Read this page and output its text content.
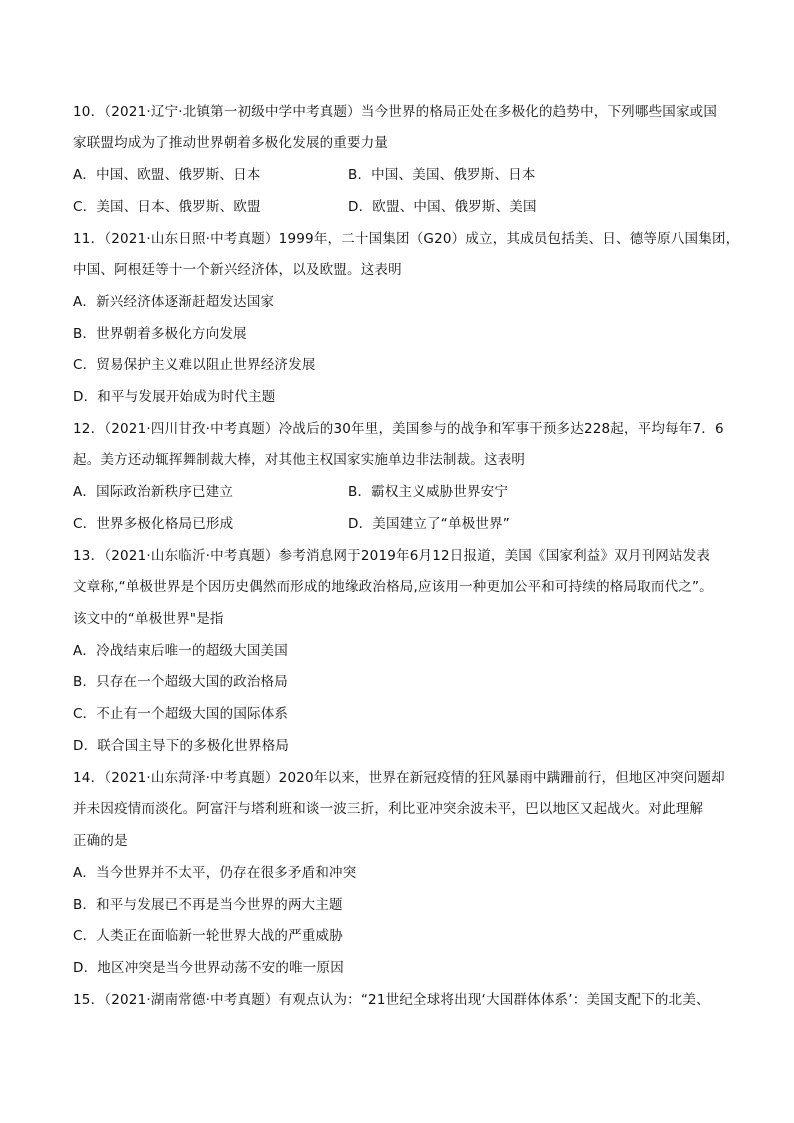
10．（2021·辽宁·北镇第一初级中学中考真题）当今世界的格局正处在多极化的趋势中，下列哪些国家或国
家联盟均成为了推动世界朝着多极化发展的重要力量
A．中国、欧盟、俄罗斯、日本	B．中国、美国、俄罗斯、日本
C．美国、日本、俄罗斯、欧盟	D．欧盟、中国、俄罗斯、美国
11．（2021·山东日照·中考真题）1999年，二十国集团（G20）成立，其成员包括美、日、德等原八国集团，
中国、阿根廷等十一个新兴经济体，以及欧盟。这表明
A．新兴经济体逐渐赶超发达国家
B．世界朝着多极化方向发展
C．贸易保护主义难以阻止世界经济发展
D．和平与发展开始成为时代主题
12．（2021·四川甘孜·中考真题）冷战后的30年里，美国参与的战争和军事干预多达228起，平均每年7．6
起。美方还动辄挥舞制裁大棒，对其他主权国家实施单边非法制裁。这表明
A．国际政治新秩序已建立	B．霸权主义威胁世界安宁
C．世界多极化格局已形成	D．美国建立了“单极世界”
13．（2021·山东临沂·中考真题）参考消息网于2019年6月12日报道，美国《国家利益》双月刊网站发表
文章称,“单极世界是个因历史偶然而形成的地缘政治格局,应该用一种更加公平和可持续的格局取而代之”。
该文中的“单极世界"是指
A．冷战结束后唯一的超级大国美国
B．只存在一个超级大国的政治格局
C．不止有一个超级大国的国际体系
D．联合国主导下的多极化世界格局
14．（2021·山东菏泽·中考真题）2020年以来，世界在新冠疫情的狂风暴雨中蹒跚前行，但地区冲突问题却
并未因疫情而淡化。阿富汗与塔利班和谈一波三折，利比亚冲突余波未平，巴以地区又起战火。对此理解
正确的是
A．当今世界并不太平，仍存在很多矛盾和冲突
B．和平与发展已不再是当今世界的两大主题
C．人类正在面临新一轮世界大战的严重威胁
D．地区冲突是当今世界动荡不安的唯一原因
15．（2021·湖南常德·中考真题）有观点认为：“21世纪全球将出现‘大国群体体系’：美国支配下的北美、
